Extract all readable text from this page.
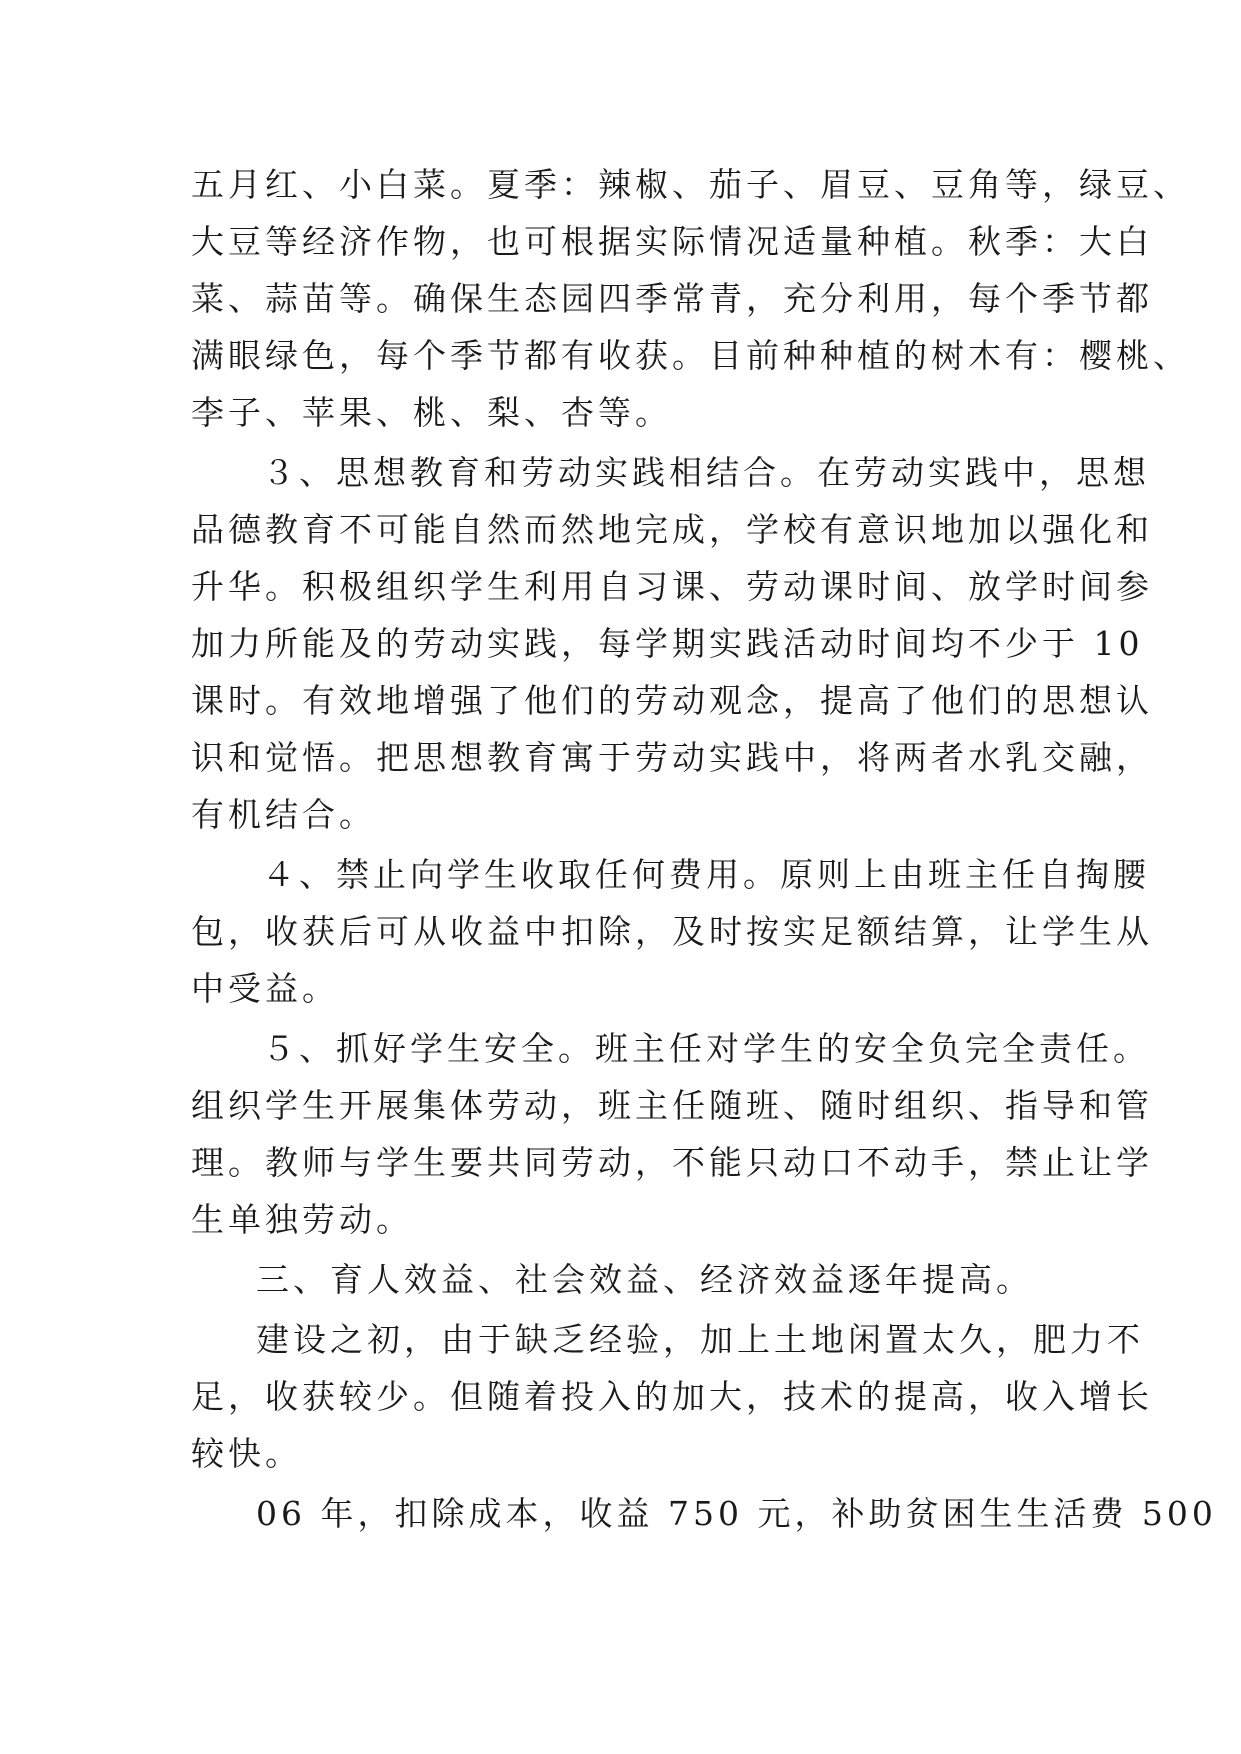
五月红、小白菜。夏季：辣椒、茄子、眉豆、豆角等，绿豆、
大豆等经济作物，也可根据实际情况适量种植。秋季：大白
菜、蒜苗等。确保生态园四季常青，充分利用，每个季节都
满眼绿色，每个季节都有收获。目前种种植的树木有：樱桃、
李子、苹果、桃、梨、杏等。
３、思想教育和劳动实践相结合。在劳动实践中，思想
品德教育不可能自然而然地完成，学校有意识地加以强化和
升华。积极组织学生利用自习课、劳动课时间、放学时间参
加力所能及的劳动实践，每学期实践活动时间均不少于 10
课时。有效地增强了他们的劳动观念，提高了他们的思想认
识和觉悟。把思想教育寓于劳动实践中，将两者水乳交融，
有机结合。
４、禁止向学生收取任何费用。原则上由班主任自掏腰
包，收获后可从收益中扣除，及时按实足额结算，让学生从
中受益。
５、抓好学生安全。班主任对学生的安全负完全责任。
组织学生开展集体劳动，班主任随班、随时组织、指导和管
理。教师与学生要共同劳动，不能只动口不动手，禁止让学
生单独劳动。
三、育人效益、社会效益、经济效益逐年提高。
建设之初，由于缺乏经验，加上土地闲置太久，肥力不
足，收获较少。但随着投入的加大，技术的提高，收入增长
较快。
06 年，扣除成本，收益 750 元，补助贫困生生活费 500
